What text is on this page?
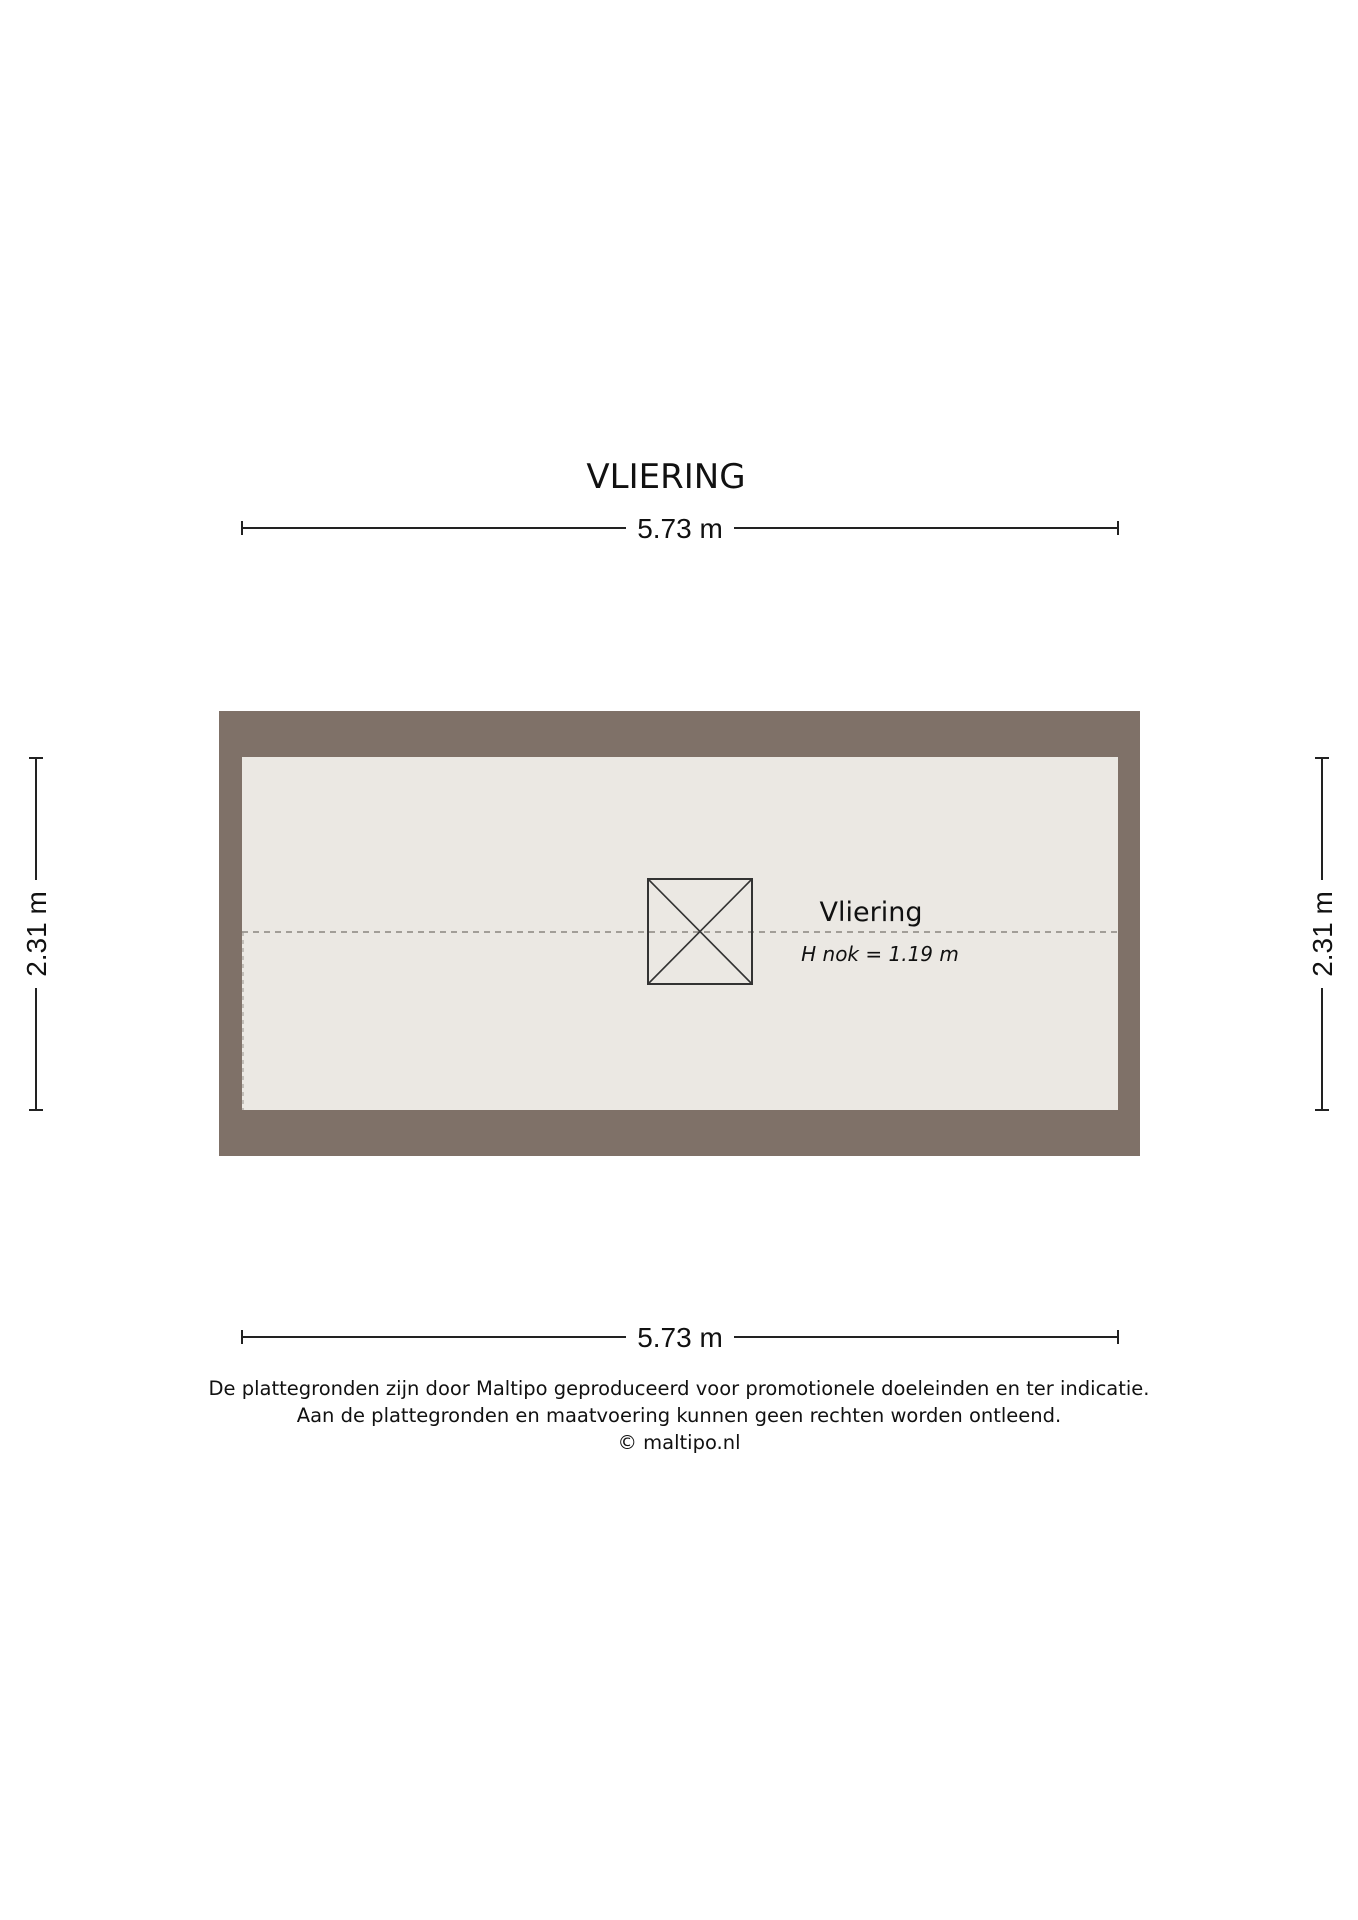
VLIERING
5.73 m
Vliering
H nok = 1.19 m
2.31 m	2.31 m
5.73 m
De plattegronden zijn door Maltipo geproduceerd voor promotionele doeleinden en ter indicatie.
Aan de plattegronden en maatvoering kunnen geen rechten worden ontleend.
© maltipo.nl
